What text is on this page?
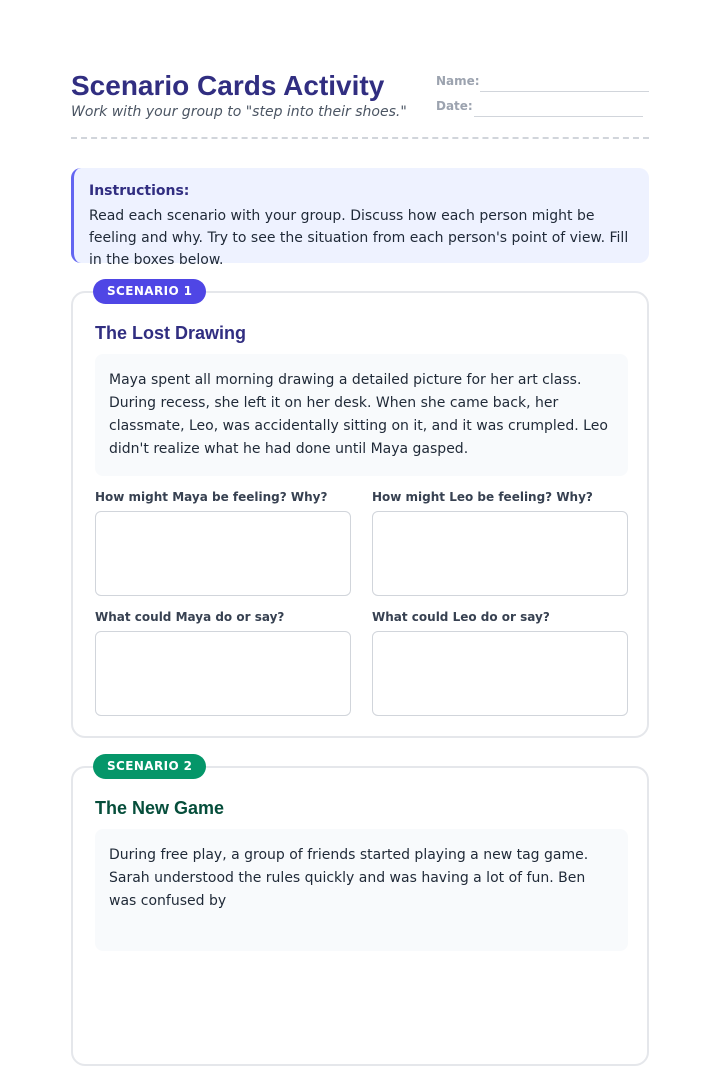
Scenario Cards Activity
Work with your group to "step into their shoes."
Name:
Date:
Instructions:
Read each scenario with your group. Discuss how each person might be feeling and why. Try to see the situation from each person's point of view. Fill in the boxes below.
The Lost Drawing
Maya spent all morning drawing a detailed picture for her art class. During recess, she left it on her desk. When she came back, her classmate, Leo, was accidentally sitting on it, and it was crumpled. Leo didn't realize what he had done until Maya gasped.
How might Maya be feeling? Why?	How might Leo be feeling? Why?
What could Maya do or say?	What could Leo do or say?
SCENARIO 1
The New Game
During free play, a group of friends started playing a new tag game. Sarah understood the rules quickly and was having a lot of fun. Ben was confused by
SCENARIO 2
